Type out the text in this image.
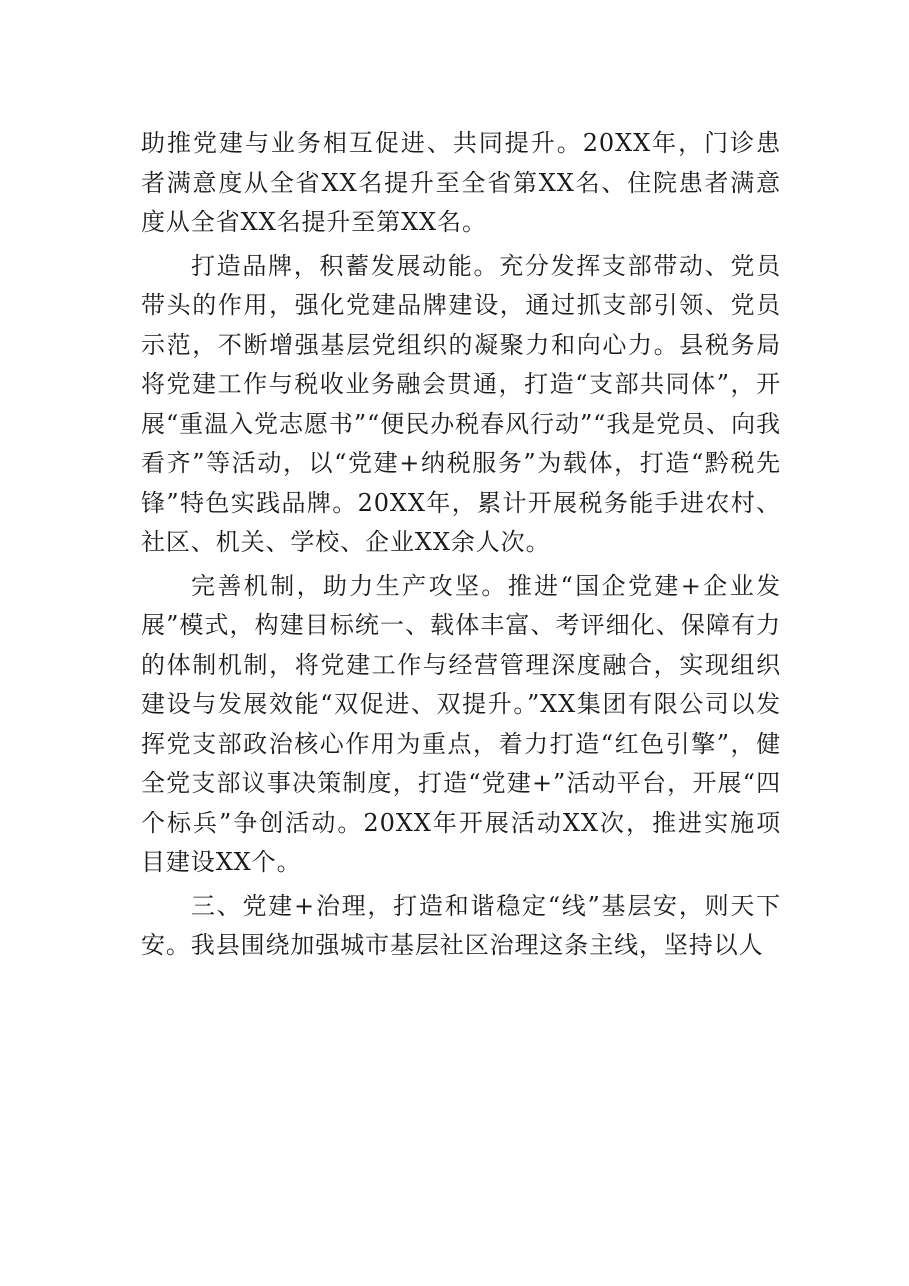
助推党建与业务相互促进、共同提升。20XX年，门诊患者满意度从全省XX名提升至全省第XX名、住院患者满意度从全省XX名提升至第XX名。

打造品牌，积蓄发展动能。充分发挥支部带动、党员带头的作用，强化党建品牌建设，通过抓支部引领、党员示范，不断增强基层党组织的凝聚力和向心力。县税务局将党建工作与税收业务融会贯通，打造“支部共同体”，开展“重温入党志愿书”“便民办税春风行动”“我是党员、向我看齐”等活动，以“党建+纳税服务”为载体，打造“黔税先锋”特色实践品牌。20XX年，累计开展税务能手进农村、社区、机关、学校、企业XX余人次。

完善机制，助力生产攻坚。推进“国企党建+企业发展”模式，构建目标统一、载体丰富、考评细化、保障有力的体制机制，将党建工作与经营管理深度融合，实现组织建设与发展效能“双促进、双提升。”XX集团有限公司以发挥党支部政治核心作用为重点，着力打造“红色引擎”，健全党支部议事决策制度，打造“党建+”活动平台，开展“四个标兵”争创活动。20XX年开展活动XX次，推进实施项目建设XX个。

三、党建+治理，打造和谐稳定“线”基层安，则天下安。我县围绕加强城市基层社区治理这条主线，坚持以人
